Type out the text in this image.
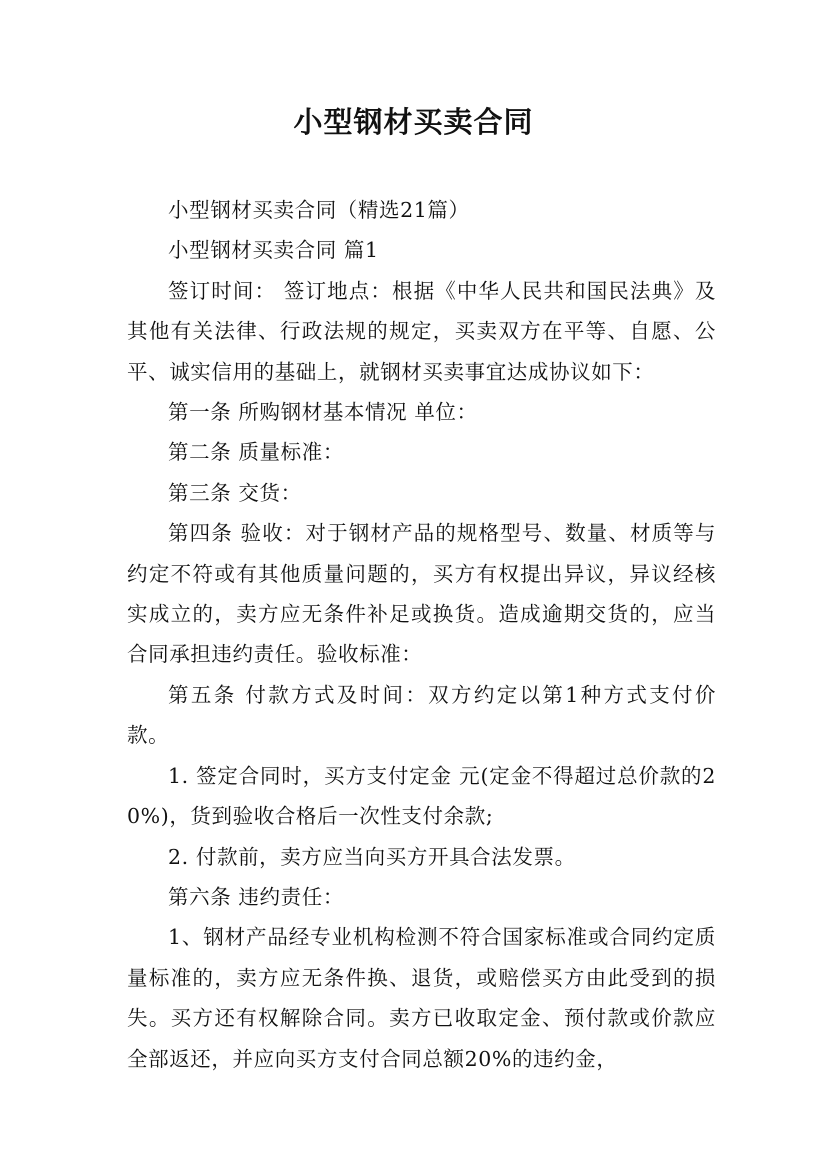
小型钢材买卖合同

小型钢材买卖合同（精选21篇）

小型钢材买卖合同 篇1

签订时间： 签订地点：根据《中华人民共和国民法典》及其他有关法律、行政法规的规定，买卖双方在平等、自愿、公平、诚实信用的基础上，就钢材买卖事宜达成协议如下：

第一条 所购钢材基本情况 单位：

第二条 质量标准：

第三条 交货：

第四条 验收：对于钢材产品的规格型号、数量、材质等与约定不符或有其他质量问题的，买方有权提出异议，异议经核实成立的，卖方应无条件补足或换货。造成逾期交货的，应当合同承担违约责任。验收标准：

第五条 付款方式及时间：双方约定以第1种方式支付价款。

1. 签定合同时，买方支付定金 元(定金不得超过总价款的20%)，货到验收合格后一次性支付余款;

2. 付款前，卖方应当向买方开具合法发票。

第六条 违约责任：

1、钢材产品经专业机构检测不符合国家标准或合同约定质量标准的，卖方应无条件换、退货，或赔偿买方由此受到的损失。买方还有权解除合同。卖方已收取定金、预付款或价款应全部返还，并应向买方支付合同总额20%的违约金，
